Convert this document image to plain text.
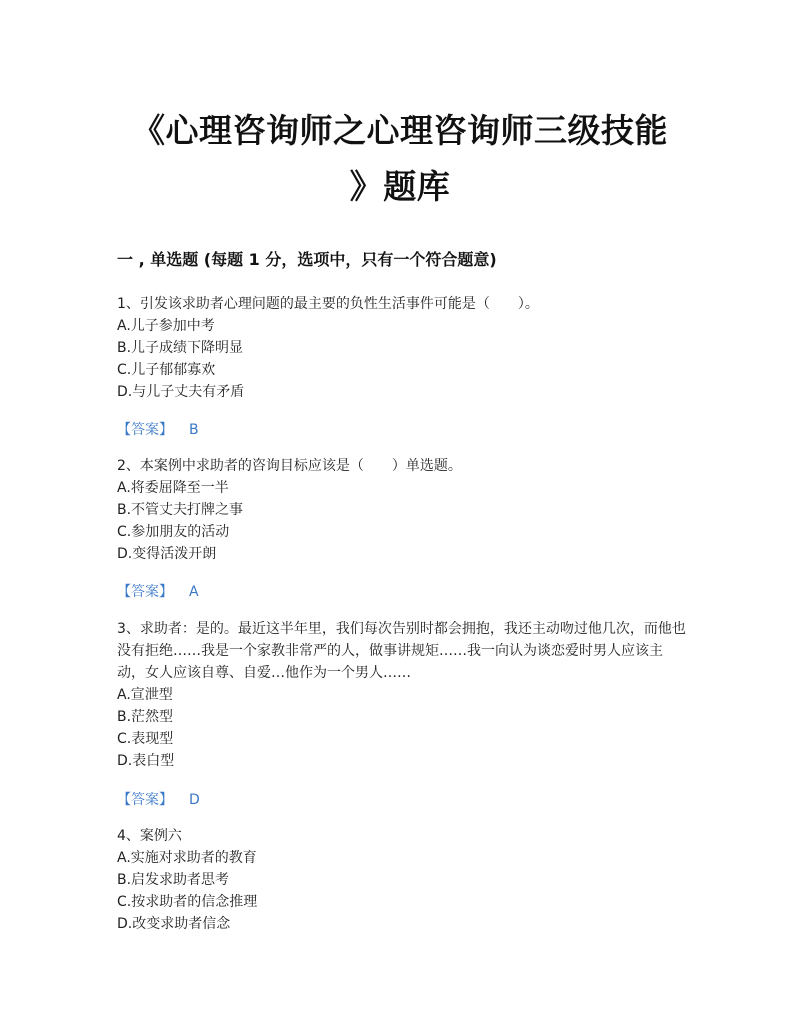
《心理咨询师之心理咨询师三级技能
》题库
一 , 单选题 (每题 1 分，选项中，只有一个符合题意)

1、引发该求助者心理问题的最主要的负性生活事件可能是（　　）。

A.儿子参加中考

B.儿子成绩下降明显

C.儿子郁郁寡欢

D.与儿子丈夫有矛盾

【答案】 B

2、本案例中求助者的咨询目标应该是（　　）单选题。

A.将委屈降至一半

B.不管丈夫打牌之事

C.参加朋友的活动

D.变得活泼开朗

【答案】 A

3、求助者：是的。最近这半年里，我们每次告别时都会拥抱，我还主动吻过他几次，而他也没有拒绝……我是一个家教非常严的人，做事讲规矩……我一向认为谈恋爱时男人应该主动，女人应该自尊、自爱…他作为一个男人……

A.宣泄型

B.茫然型

C.表现型

D.表白型

【答案】 D

4、案例六

A.实施对求助者的教育

B.启发求助者思考

C.按求助者的信念推理

D.改变求助者信念
